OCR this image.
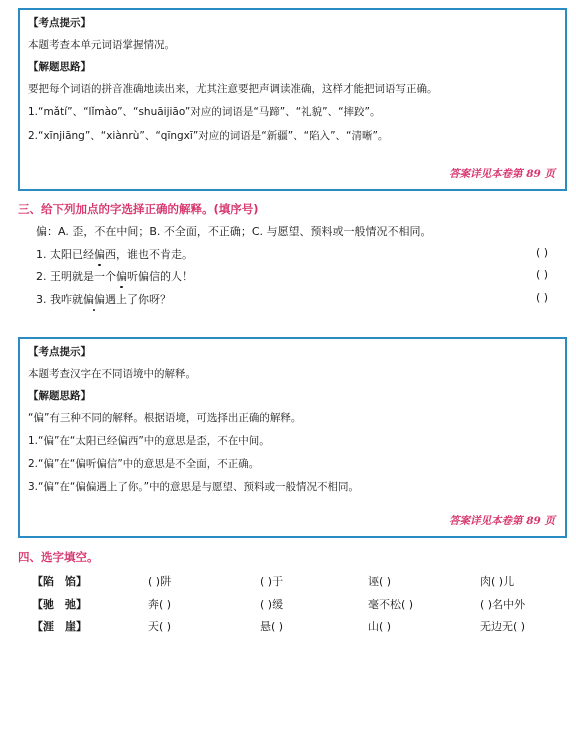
【考点提示】
本题考查本单元词语掌握情况。
【解题思路】
要把每个词语的拼音准确地读出来，尤其注意要把声调读准确，这样才能把词语写正确。
1.“mǎtí”、“lǐmào”、“shuāijiāo”对应的词语是“马蹄”、“礼貌”、“摔跤”。
2.“xīnjiāng”、“xiànrù”、“qīngxī”对应的词语是“新疆”、“陷入”、“清晰”。
答案详见本卷第 89 页
三、给下列加点的字选择正确的解释。(填序号)
偏：A. 歪，不在中间；B. 不全面，不正确；C. 与愿望、预料或一般情况不相同。
1. 太阳已经偏西，谁也不肯走。	( )
2. 王明就是一个偏听偏信的人！	( )
3. 我咋就偏偏遇上了你呀？	( )
【考点提示】
本题考查汉字在不同语境中的解释。
【解题思路】
“偏”有三种不同的解释。根据语境，可选择出正确的解释。
1.“偏”在“太阳已经偏西”中的意思是歪，不在中间。
2.“偏”在“偏听偏信”中的意思是不全面，不正确。
3.“偏”在“偏偏遇上了你。”中的意思是与愿望、预料或一般情况不相同。
答案详见本卷第 89 页
四、选字填空。
【陷　馅】	( )阱	( )于	诬( )	肉( )儿
【驰　弛】	奔( )	( )缓	毫不松( )	( )名中外
【涯　崖】	天( )	悬( )	山( )	无边无( )
